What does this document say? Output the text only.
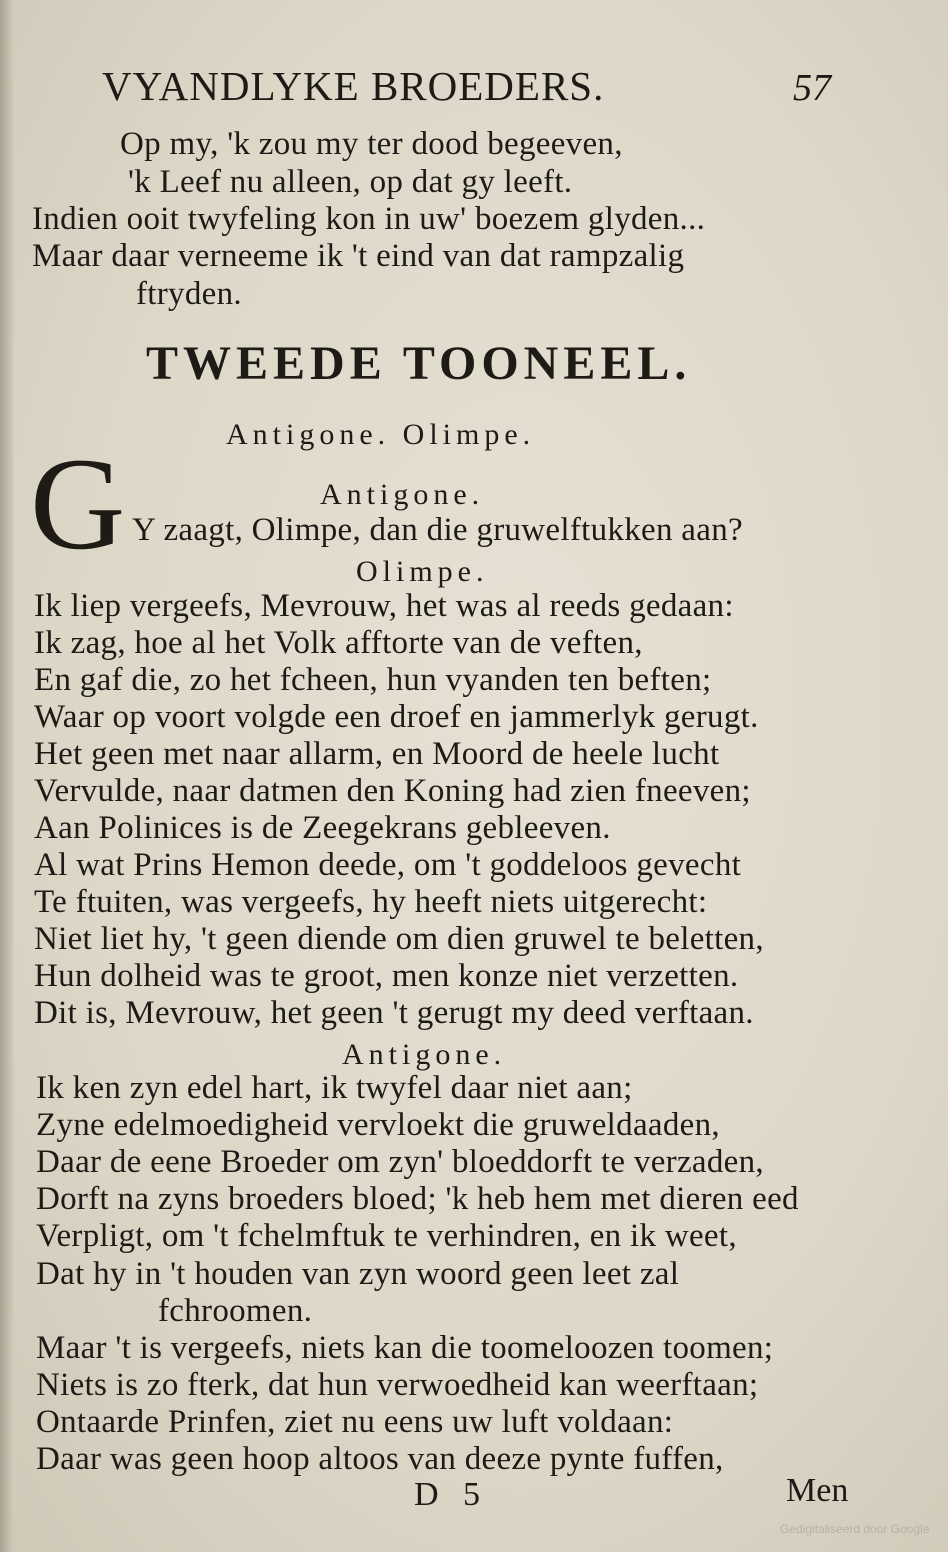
VYANDLYKE BROEDERS.	57
Op my, 'k zou my ter dood begeeven,
'k Leef nu alleen, op dat gy leeft.
Indien ooit twyfeling kon in uw' boezem glyden...
Maar daar verneeme ik 't eind van dat rampzalig
ftryden.
TWEEDE TOONEEL.
Antigone. Olimpe.
G	Antigone.
Y zaagt, Olimpe, dan die gruwelftukken aan?
Olimpe.
Ik liep vergeefs, Mevrouw, het was al reeds gedaan:
Ik zag, hoe al het Volk afftorte van de veften,
En gaf die, zo het fcheen, hun vyanden ten beften;
Waar op voort volgde een droef en jammerlyk gerugt.
Het geen met naar allarm, en Moord de heele lucht
Vervulde, naar datmen den Koning had zien fneeven;
Aan Polinices is de Zeegekrans gebleeven.
Al wat Prins Hemon deede, om 't goddeloos gevecht
Te ftuiten, was vergeefs, hy heeft niets uitgerecht:
Niet liet hy, 't geen diende om dien gruwel te beletten,
Hun dolheid was te groot, men konze niet verzetten.
Dit is, Mevrouw, het geen 't gerugt my deed verftaan.
Antigone.
Ik ken zyn edel hart, ik twyfel daar niet aan;
Zyne edelmoedigheid vervloekt die gruweldaaden,
Daar de eene Broeder om zyn' bloeddorft te verzaden,
Dorft na zyns broeders bloed; 'k heb hem met dieren eed
Verpligt, om 't fchelmftuk te verhindren, en ik weet,
Dat hy in 't houden van zyn woord geen leet zal
fchroomen.
Maar 't is vergeefs, niets kan die toomeloozen toomen;
Niets is zo fterk, dat hun verwoedheid kan weerftaan;
Ontaarde Prinfen, ziet nu eens uw luft voldaan:
Daar was geen hoop altoos van deeze pynte fuffen,
D 5	Men
Gedigitaliseerd door Google
